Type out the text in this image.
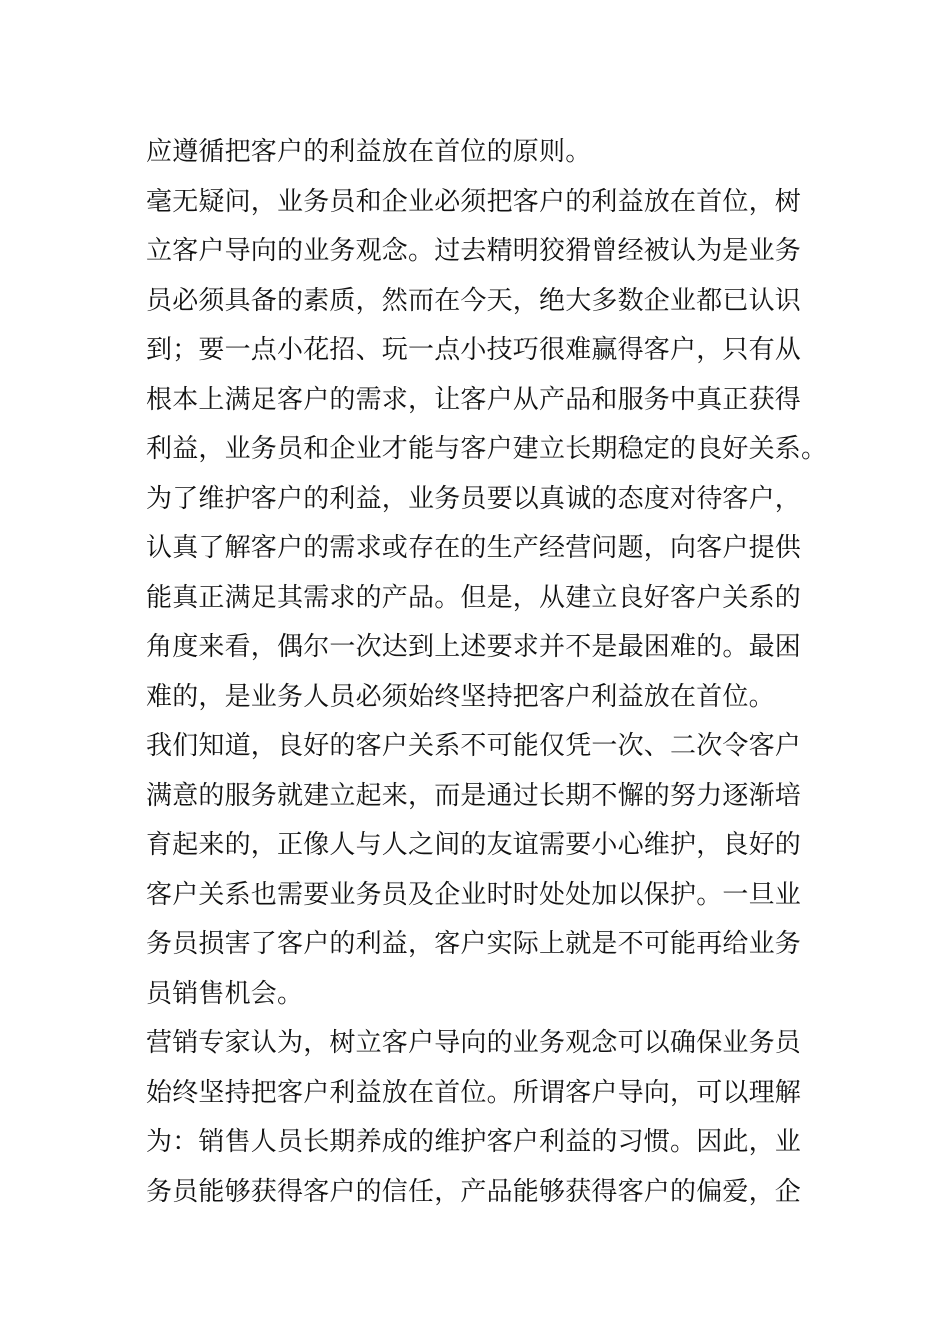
应遵循把客户的利益放在首位的原则。
毫无疑问，业务员和企业必须把客户的利益放在首位，树
立客户导向的业务观念。过去精明狡猾曾经被认为是业务
员必须具备的素质，然而在今天，绝大多数企业都已认识
到；要一点小花招、玩一点小技巧很难赢得客户，只有从
根本上满足客户的需求，让客户从产品和服务中真正获得
利益，业务员和企业才能与客户建立长期稳定的良好关系。
为了维护客户的利益，业务员要以真诚的态度对待客户，
认真了解客户的需求或存在的生产经营问题，向客户提供
能真正满足其需求的产品。但是，从建立良好客户关系的
角度来看，偶尔一次达到上述要求并不是最困难的。最困
难的，是业务人员必须始终坚持把客户利益放在首位。
我们知道，良好的客户关系不可能仅凭一次、二次令客户
满意的服务就建立起来，而是通过长期不懈的努力逐渐培
育起来的，正像人与人之间的友谊需要小心维护，良好的
客户关系也需要业务员及企业时时处处加以保护。一旦业
务员损害了客户的利益，客户实际上就是不可能再给业务
员销售机会。
营销专家认为，树立客户导向的业务观念可以确保业务员
始终坚持把客户利益放在首位。所谓客户导向，可以理解
为：销售人员长期养成的维护客户利益的习惯。因此，业
务员能够获得客户的信任，产品能够获得客户的偏爱，企
